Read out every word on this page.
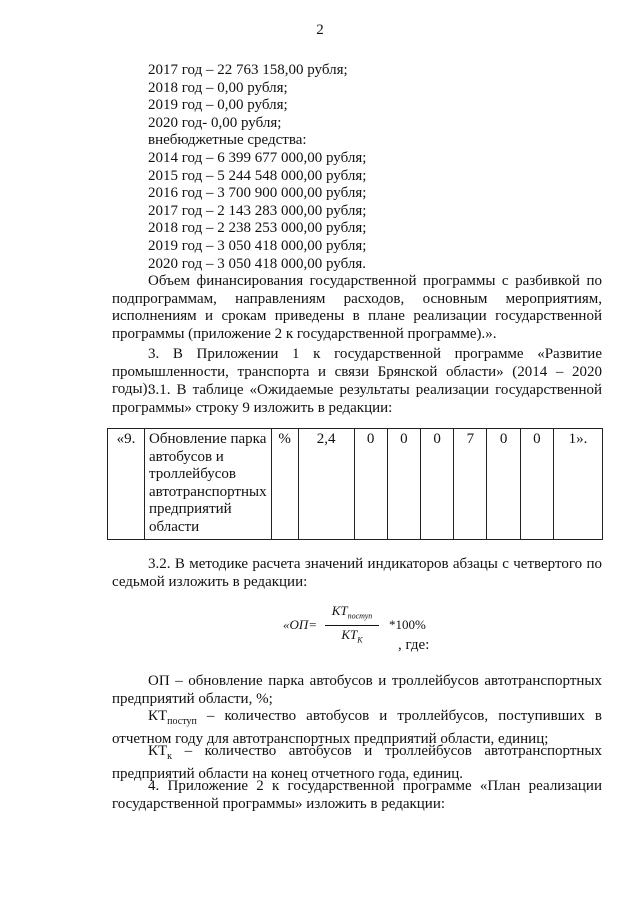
2
2017 год – 22 763 158,00 рубля;
2018 год – 0,00 рубля;
2019 год – 0,00 рубля;
2020 год- 0,00 рубля;
внебюджетные средства:
2014 год – 6 399 677 000,00 рубля;
2015 год – 5 244 548 000,00 рубля;
2016 год – 3 700 900 000,00 рубля;
2017 год – 2 143 283 000,00 рубля;
2018 год – 2 238 253 000,00 рубля;
2019 год – 3 050 418 000,00 рубля;
2020 год – 3 050 418 000,00 рубля.
Объем финансирования государственной программы с разбивкой по подпрограммам, направлениям расходов, основным мероприятиям, исполнениям и срокам приведены в плане реализации государственной программы (приложение 2 к государственной программе).».
3. В Приложении 1 к государственной программе «Развитие промышленности, транспорта и связи Брянской области» (2014 – 2020 годы):
3.1. В таблице «Ожидаемые результаты реализации государственной программы» строку 9 изложить в редакции:
«9.	Обновление парка автобусов и троллейбусов автотранспортных предприятий области	%	2,4	0	0	0	7	0	0	1».
3.2. В методике расчета значений индикаторов абзацы с четвертого по седьмой изложить в редакции:
«ОП=
$КТ_{поступ}$
$КТ_К$
*100%
, где:
ОП – обновление парка автобусов и троллейбусов автотранспортных предприятий области, %;
$КТ_{поступ}$ – количество автобусов и троллейбусов, поступивших в отчетном году для автотранспортных предприятий области, единиц;
$КТ_к$ – количество автобусов и троллейбусов автотранспортных предприятий области на конец отчетного года, единиц.
4. Приложение 2 к государственной программе «План реализации государственной программы» изложить в редакции:
